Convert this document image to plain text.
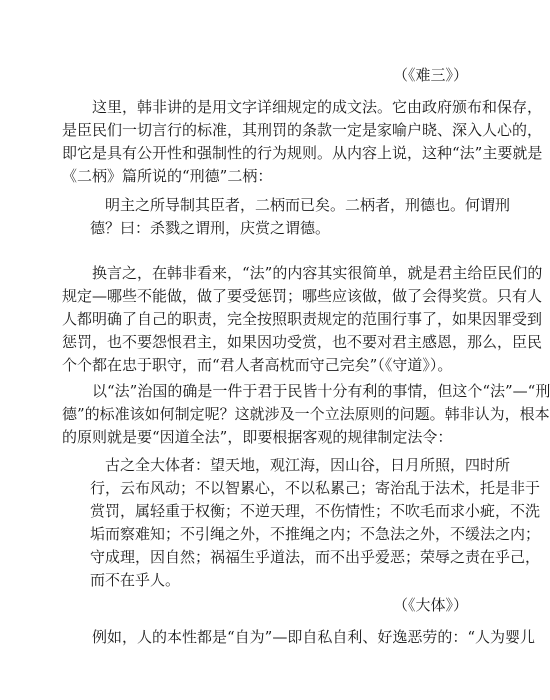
（《难三》）

这里，韩非讲的是用文字详细规定的成文法。它由政府颁布和保存，
是臣民们一切言行的标准，其刑罚的条款一定是家喻户晓、深入人心的，
即它是具有公开性和强制性的行为规则。从内容上说，这种“法”主要就是
《二柄》篇所说的“刑德”二柄：

明主之所导制其臣者，二柄而已矣。二柄者，刑德也。何谓刑
德？曰：杀戮之谓刑，庆赏之谓德。

换言之，在韩非看来，“法”的内容其实很简单，就是君主给臣民们的
规定—哪些不能做，做了要受惩罚；哪些应该做，做了会得奖赏。只有人
人都明确了自己的职责，完全按照职责规定的范围行事了，如果因罪受到
惩罚，也不要怨恨君主，如果因功受赏，也不要对君主感恩，那么，臣民
个个都在忠于职守，而“君人者高枕而守己完矣”（《守道》）。

以“法”治国的确是一件于君于民皆十分有利的事情，但这个“法”—“刑
德”的标准该如何制定呢？这就涉及一个立法原则的问题。韩非认为，根本
的原则就是要“因道全法”，即要根据客观的规律制定法令：

古之全大体者：望天地，观江海，因山谷，日月所照，四时所
行，云布风动；不以智累心，不以私累己；寄治乱于法术，托是非于
赏罚，属轻重于权衡；不逆天理，不伤情性；不吹毛而求小疵，不洗
垢而察难知；不引绳之外，不推绳之内；不急法之外，不缓法之内；
守成理，因自然；祸福生乎道法，而不出乎爱恶；荣辱之责在乎己，
而不在乎人。

（《大体》）

例如，人的本性都是“自为”—即自私自利、好逸恶劳的：“人为婴儿
